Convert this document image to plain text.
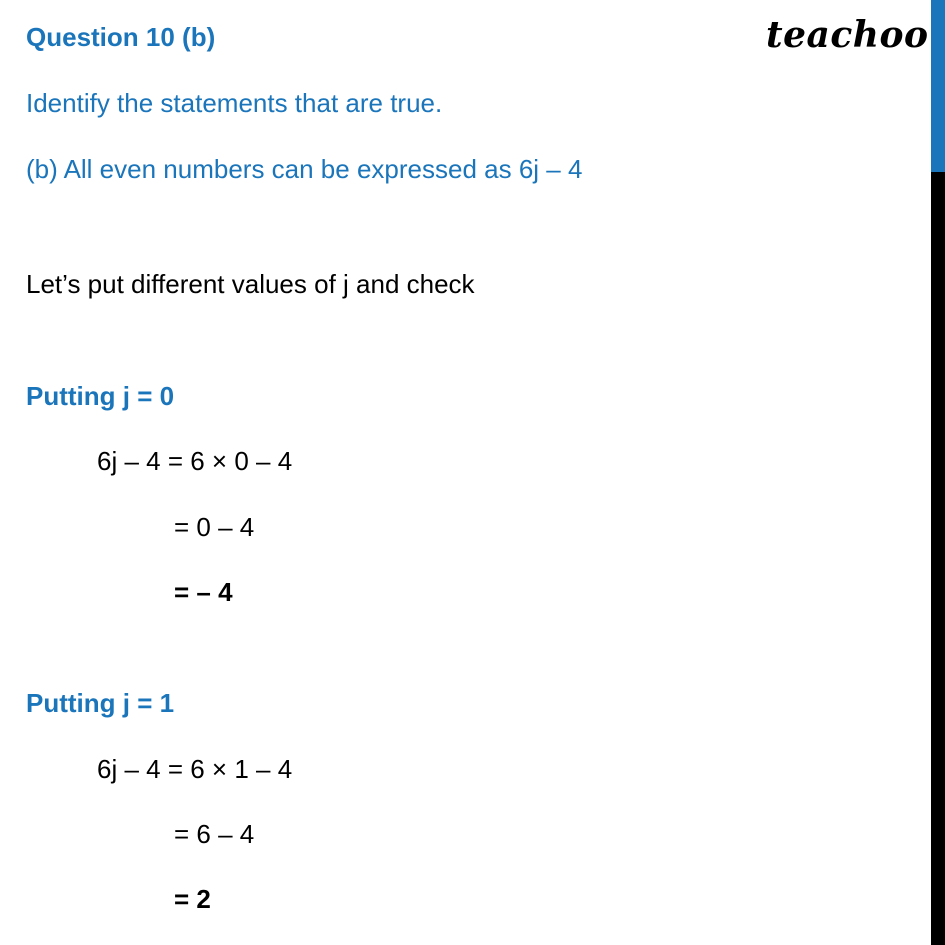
teachoo
Question 10 (b)
Identify the statements that are true.
(b) All even numbers can be expressed as 6j – 4
Let’s put different values of j and check
Putting j = 0
6j – 4 = 6 × 0 – 4
= 0 – 4
= – 4
Putting j = 1
6j – 4 = 6 × 1 – 4
= 6 – 4
= 2
